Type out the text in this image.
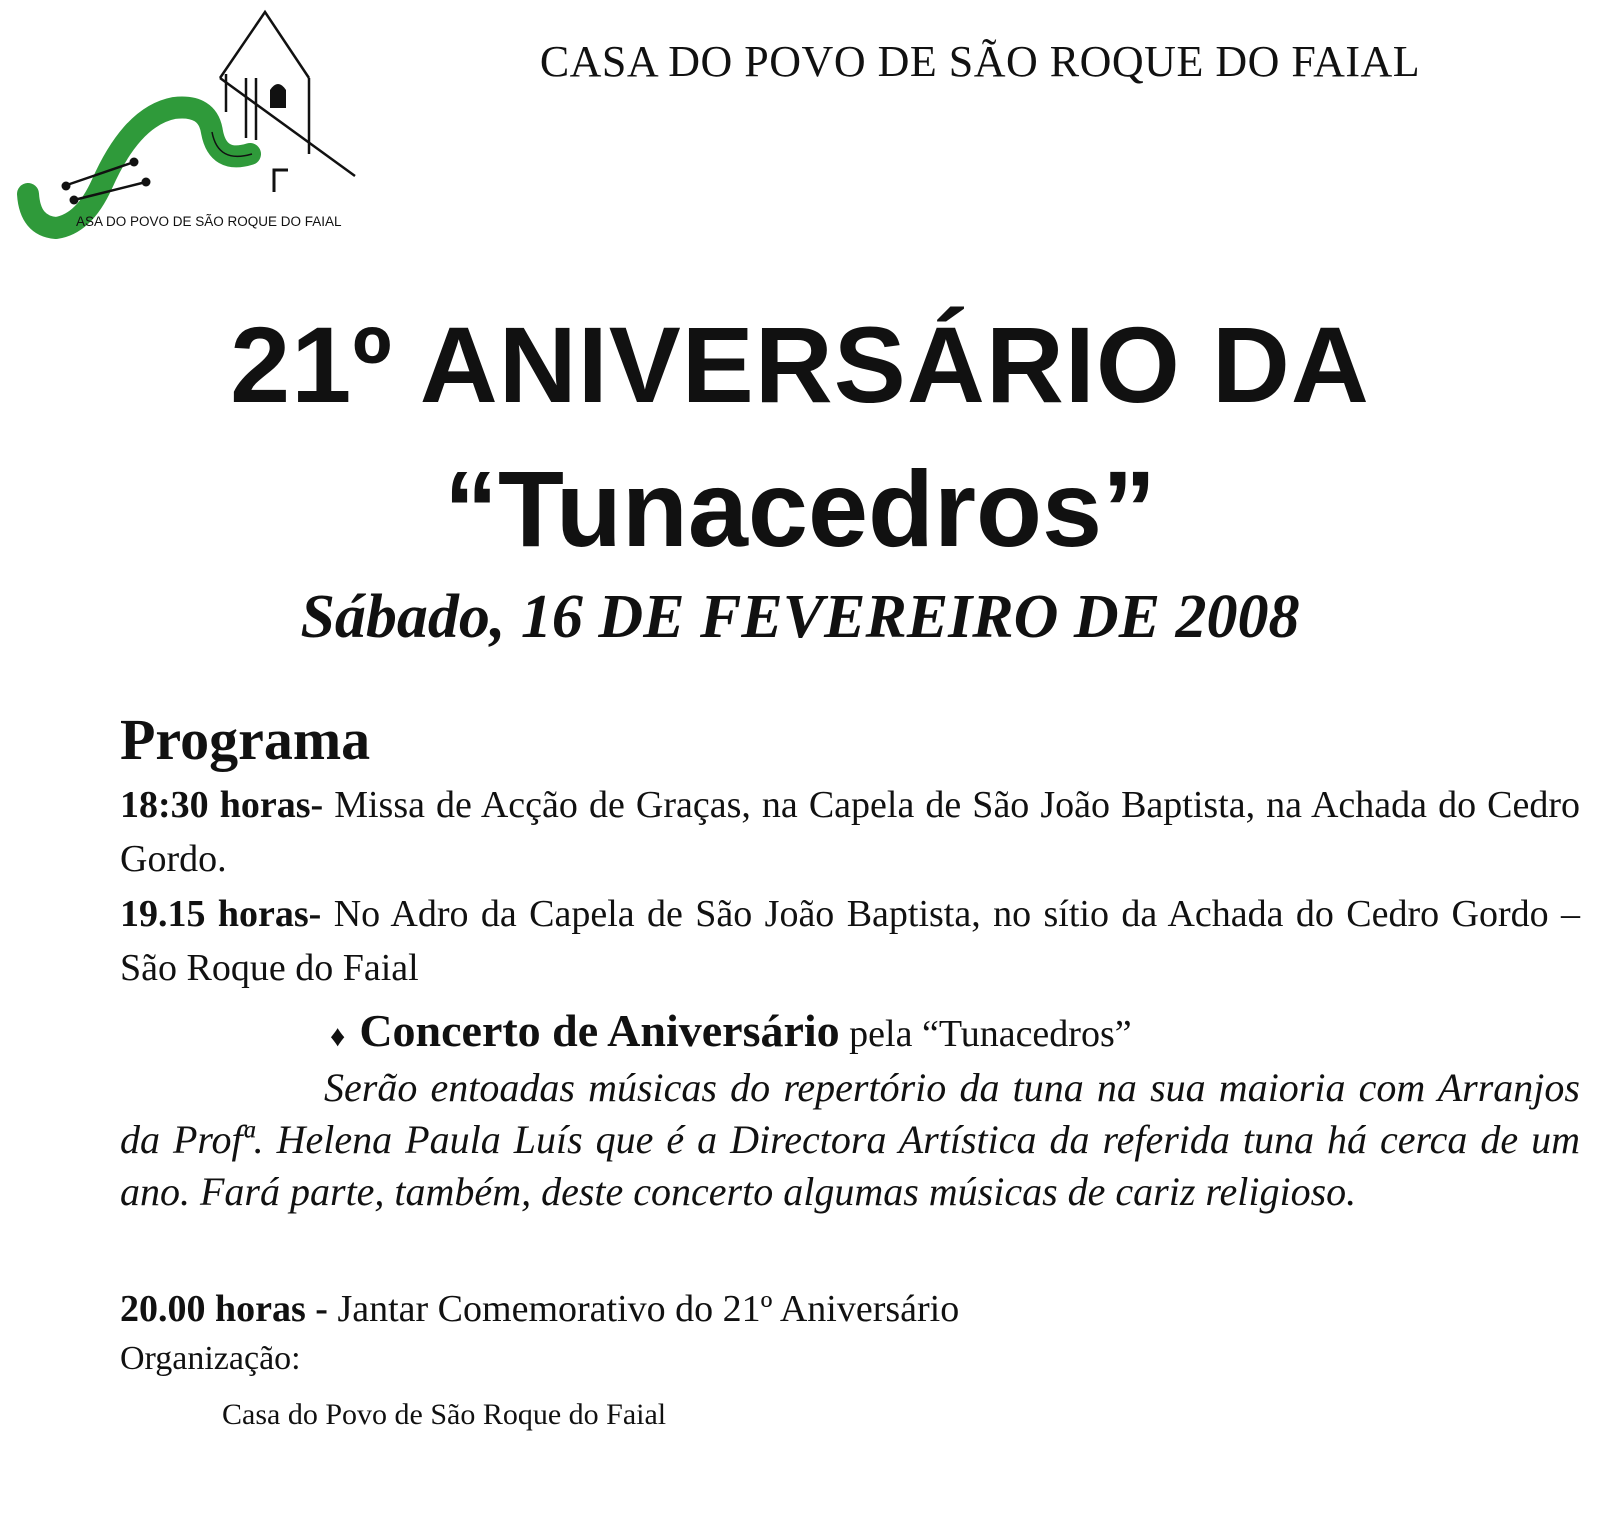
ASA DO POVO DE SÃO ROQUE DO FAIAL
CASA DO POVO DE SÃO ROQUE DO FAIAL
21º ANIVERSÁRIO DA
“Tunacedros”
Sábado, 16 DE FEVEREIRO DE 2008
Programa
18:30 horas- Missa de Acção de Graças, na Capela de São João Baptista, na Achada do Cedro Gordo.
19.15 horas- No Adro da Capela de São João Baptista, no sítio da Achada do Cedro Gordo – São Roque do Faial
♦ Concerto de Aniversário pela “Tunacedros”
Serão entoadas músicas do repertório da tuna na sua maioria com Arranjos da Profª. Helena Paula Luís que é a Directora Artística da referida tuna há cerca de um ano. Fará parte, também, deste concerto algumas músicas de cariz religioso.
20.00 horas - Jantar Comemorativo do 21º Aniversário
Organização:
Casa do Povo de São Roque do Faial
